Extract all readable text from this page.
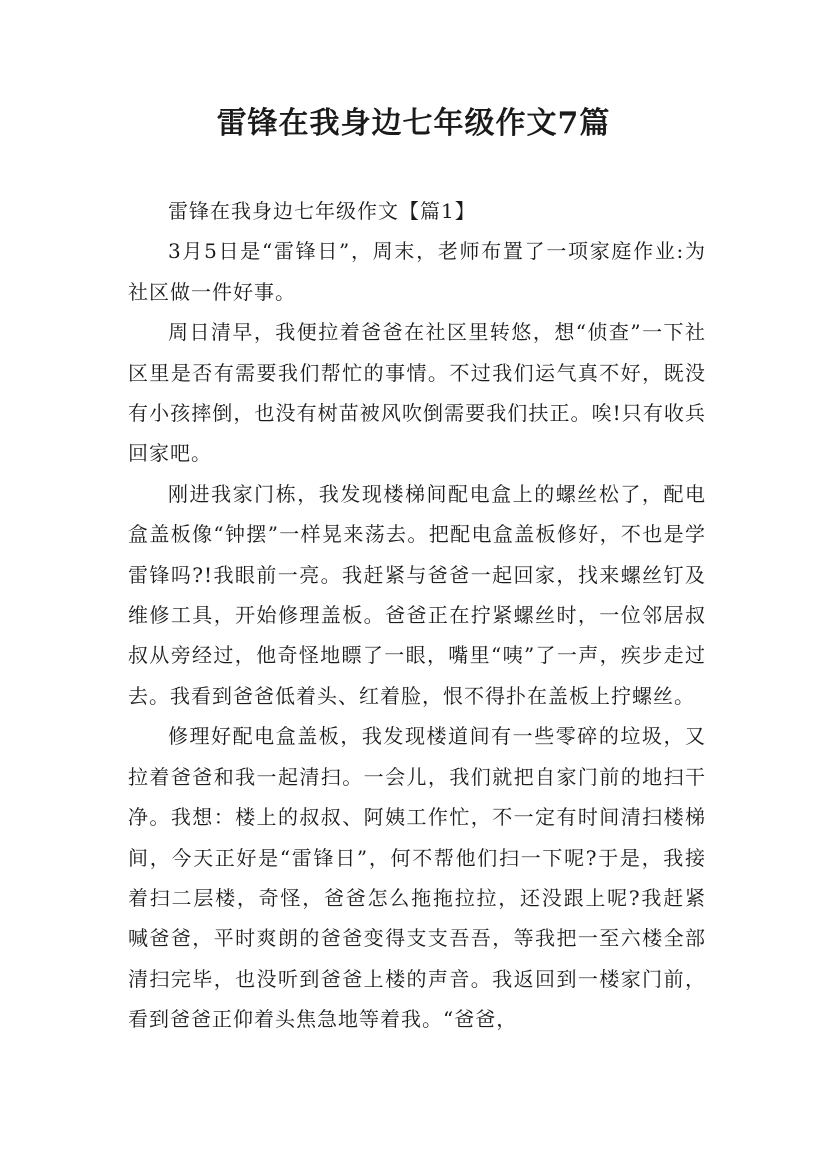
雷锋在我身边七年级作文7篇

雷锋在我身边七年级作文【篇1】

3月5日是“雷锋日”，周末，老师布置了一项家庭作业:为社区做一件好事。

周日清早，我便拉着爸爸在社区里转悠，想“侦查”一下社区里是否有需要我们帮忙的事情。不过我们运气真不好，既没有小孩摔倒，也没有树苗被风吹倒需要我们扶正。唉!只有收兵回家吧。

刚进我家门栋，我发现楼梯间配电盒上的螺丝松了，配电盒盖板像“钟摆”一样晃来荡去。把配电盒盖板修好，不也是学雷锋吗?!我眼前一亮。我赶紧与爸爸一起回家，找来螺丝钉及维修工具，开始修理盖板。爸爸正在拧紧螺丝时，一位邻居叔叔从旁经过，他奇怪地瞟了一眼，嘴里“咦”了一声，疾步走过去。我看到爸爸低着头、红着脸，恨不得扑在盖板上拧螺丝。

修理好配电盒盖板，我发现楼道间有一些零碎的垃圾，又拉着爸爸和我一起清扫。一会儿，我们就把自家门前的地扫干净。我想：楼上的叔叔、阿姨工作忙，不一定有时间清扫楼梯间，今天正好是“雷锋日”，何不帮他们扫一下呢?于是，我接着扫二层楼，奇怪，爸爸怎么拖拖拉拉，还没跟上呢?我赶紧喊爸爸，平时爽朗的爸爸变得支支吾吾，等我把一至六楼全部清扫完毕，也没听到爸爸上楼的声音。我返回到一楼家门前，看到爸爸正仰着头焦急地等着我。“爸爸，
